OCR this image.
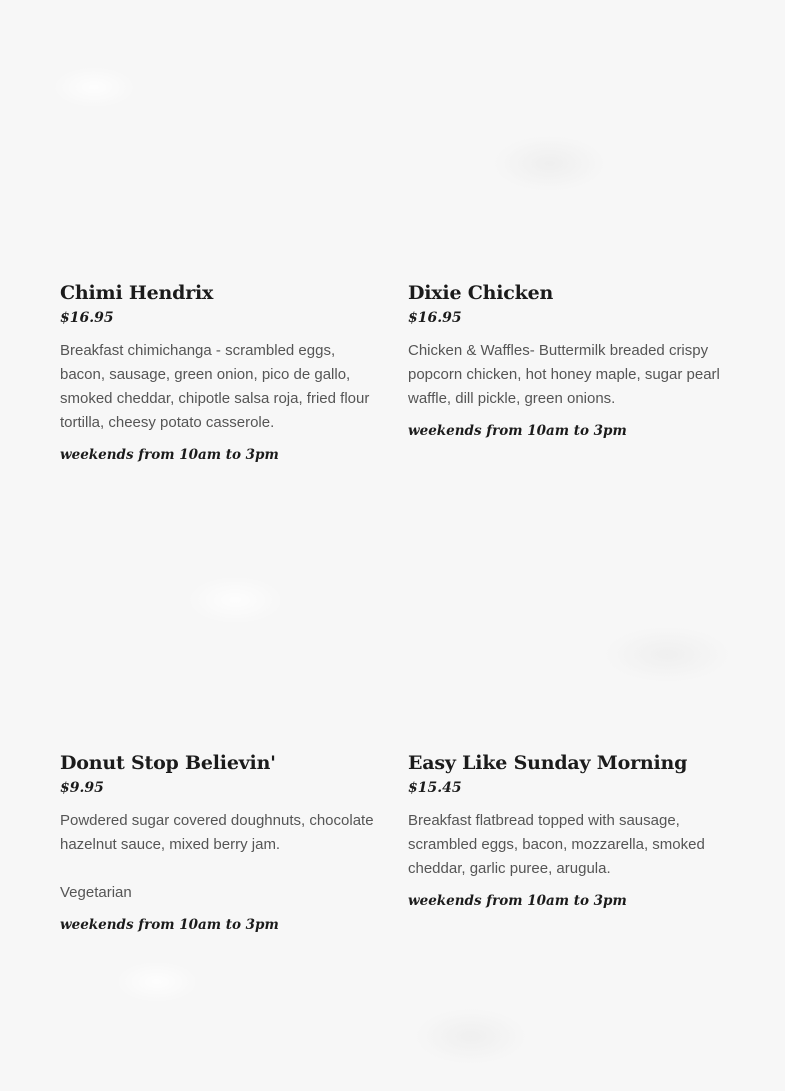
Chimi Hendrix
$16.95
Breakfast chimichanga - scrambled eggs, bacon, sausage, green onion, pico de gallo, smoked cheddar, chipotle salsa roja, fried flour tortilla, cheesy potato casserole.
weekends from 10am to 3pm
Dixie Chicken
$16.95
Chicken & Waffles- Buttermilk breaded crispy popcorn chicken, hot honey maple, sugar pearl waffle, dill pickle, green onions.
weekends from 10am to 3pm
Donut Stop Believin'
$9.95
Powdered sugar covered doughnuts, chocolate hazelnut sauce, mixed berry jam.
Vegetarian
weekends from 10am to 3pm
Easy Like Sunday Morning
$15.45
Breakfast flatbread topped with sausage, scrambled eggs, bacon, mozzarella, smoked cheddar, garlic puree, arugula.
weekends from 10am to 3pm
